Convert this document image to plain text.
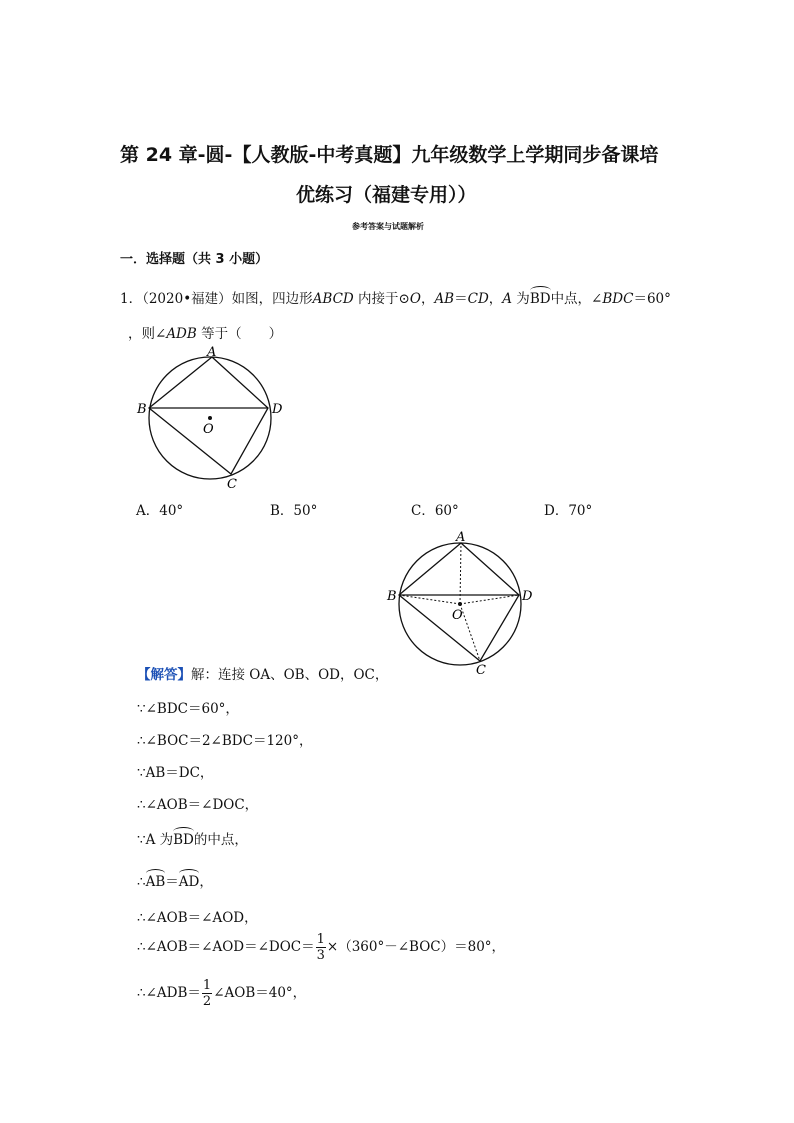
第 24 章-圆-【人教版-中考真题】九年级数学上学期同步备课培
优练习（福建专用））
参考答案与试题解析
一．选择题（共 3 小题）
1．（2020•福建）如图，四边形ABCD 内接于⊙O，AB＝CD，A 为BD中点，∠BDC＝60°
，则∠ADB 等于（　　）
A
B	D
O
C
A．40°	B．50°	C．60°	D．70°
A
B	D
O
C
【解答】解：连接 OA、OB、OD，OC，
∵∠BDC＝60°，
∴∠BOC＝2∠BDC＝120°，
∵AB＝DC，
∴∠AOB＝∠DOC，
∵A 为BD的中点，
∴AB＝AD，
∴∠AOB＝∠AOD，
∴∠AOB＝∠AOD＝∠DOC＝ $\frac{1}{3}$ ×（360°－∠BOC）＝80°，
∴∠ADB＝ $\frac{1}{2}$ ∠AOB＝40°，
